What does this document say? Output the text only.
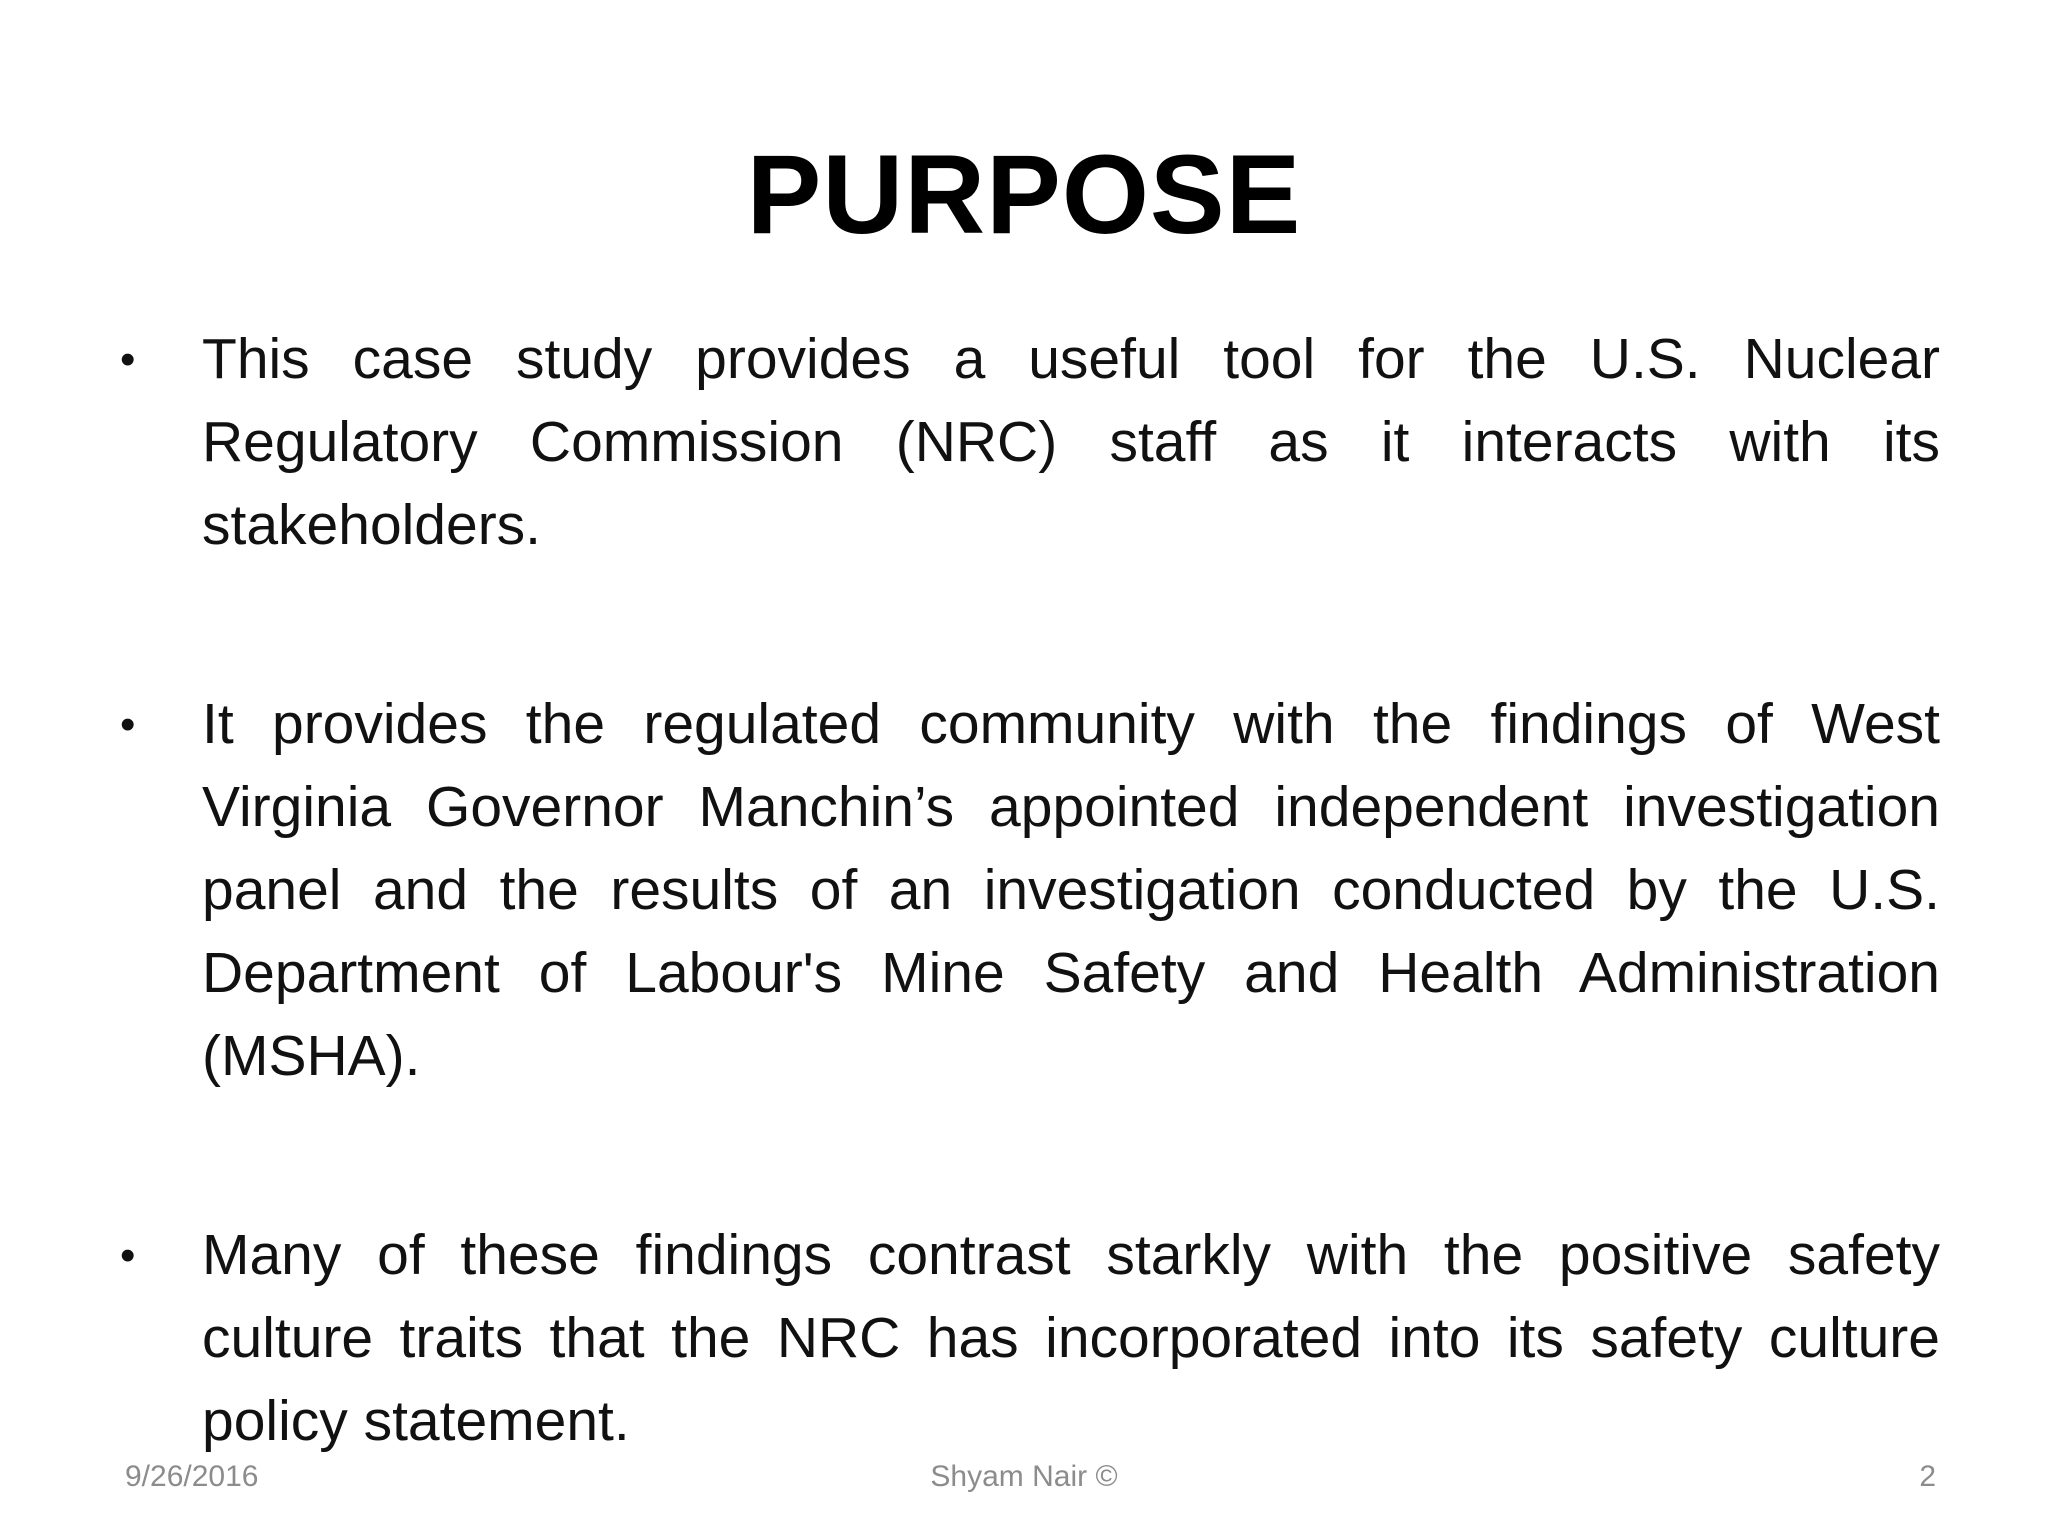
PURPOSE
•	This case study provides a useful tool for the U.S. Nuclear Regulatory Commission (NRC) staff as it interacts with its stakeholders.
•	It provides the regulated community with the findings of West Virginia Governor Manchin’s appointed independent investigation panel and the results of an investigation conducted by the U.S. Department of Labour's Mine Safety and Health Administration (MSHA).
•	Many of these findings contrast starkly with the positive safety culture traits that the NRC has incorporated into its safety culture policy statement.
9/26/2016	Shyam Nair ©	2
